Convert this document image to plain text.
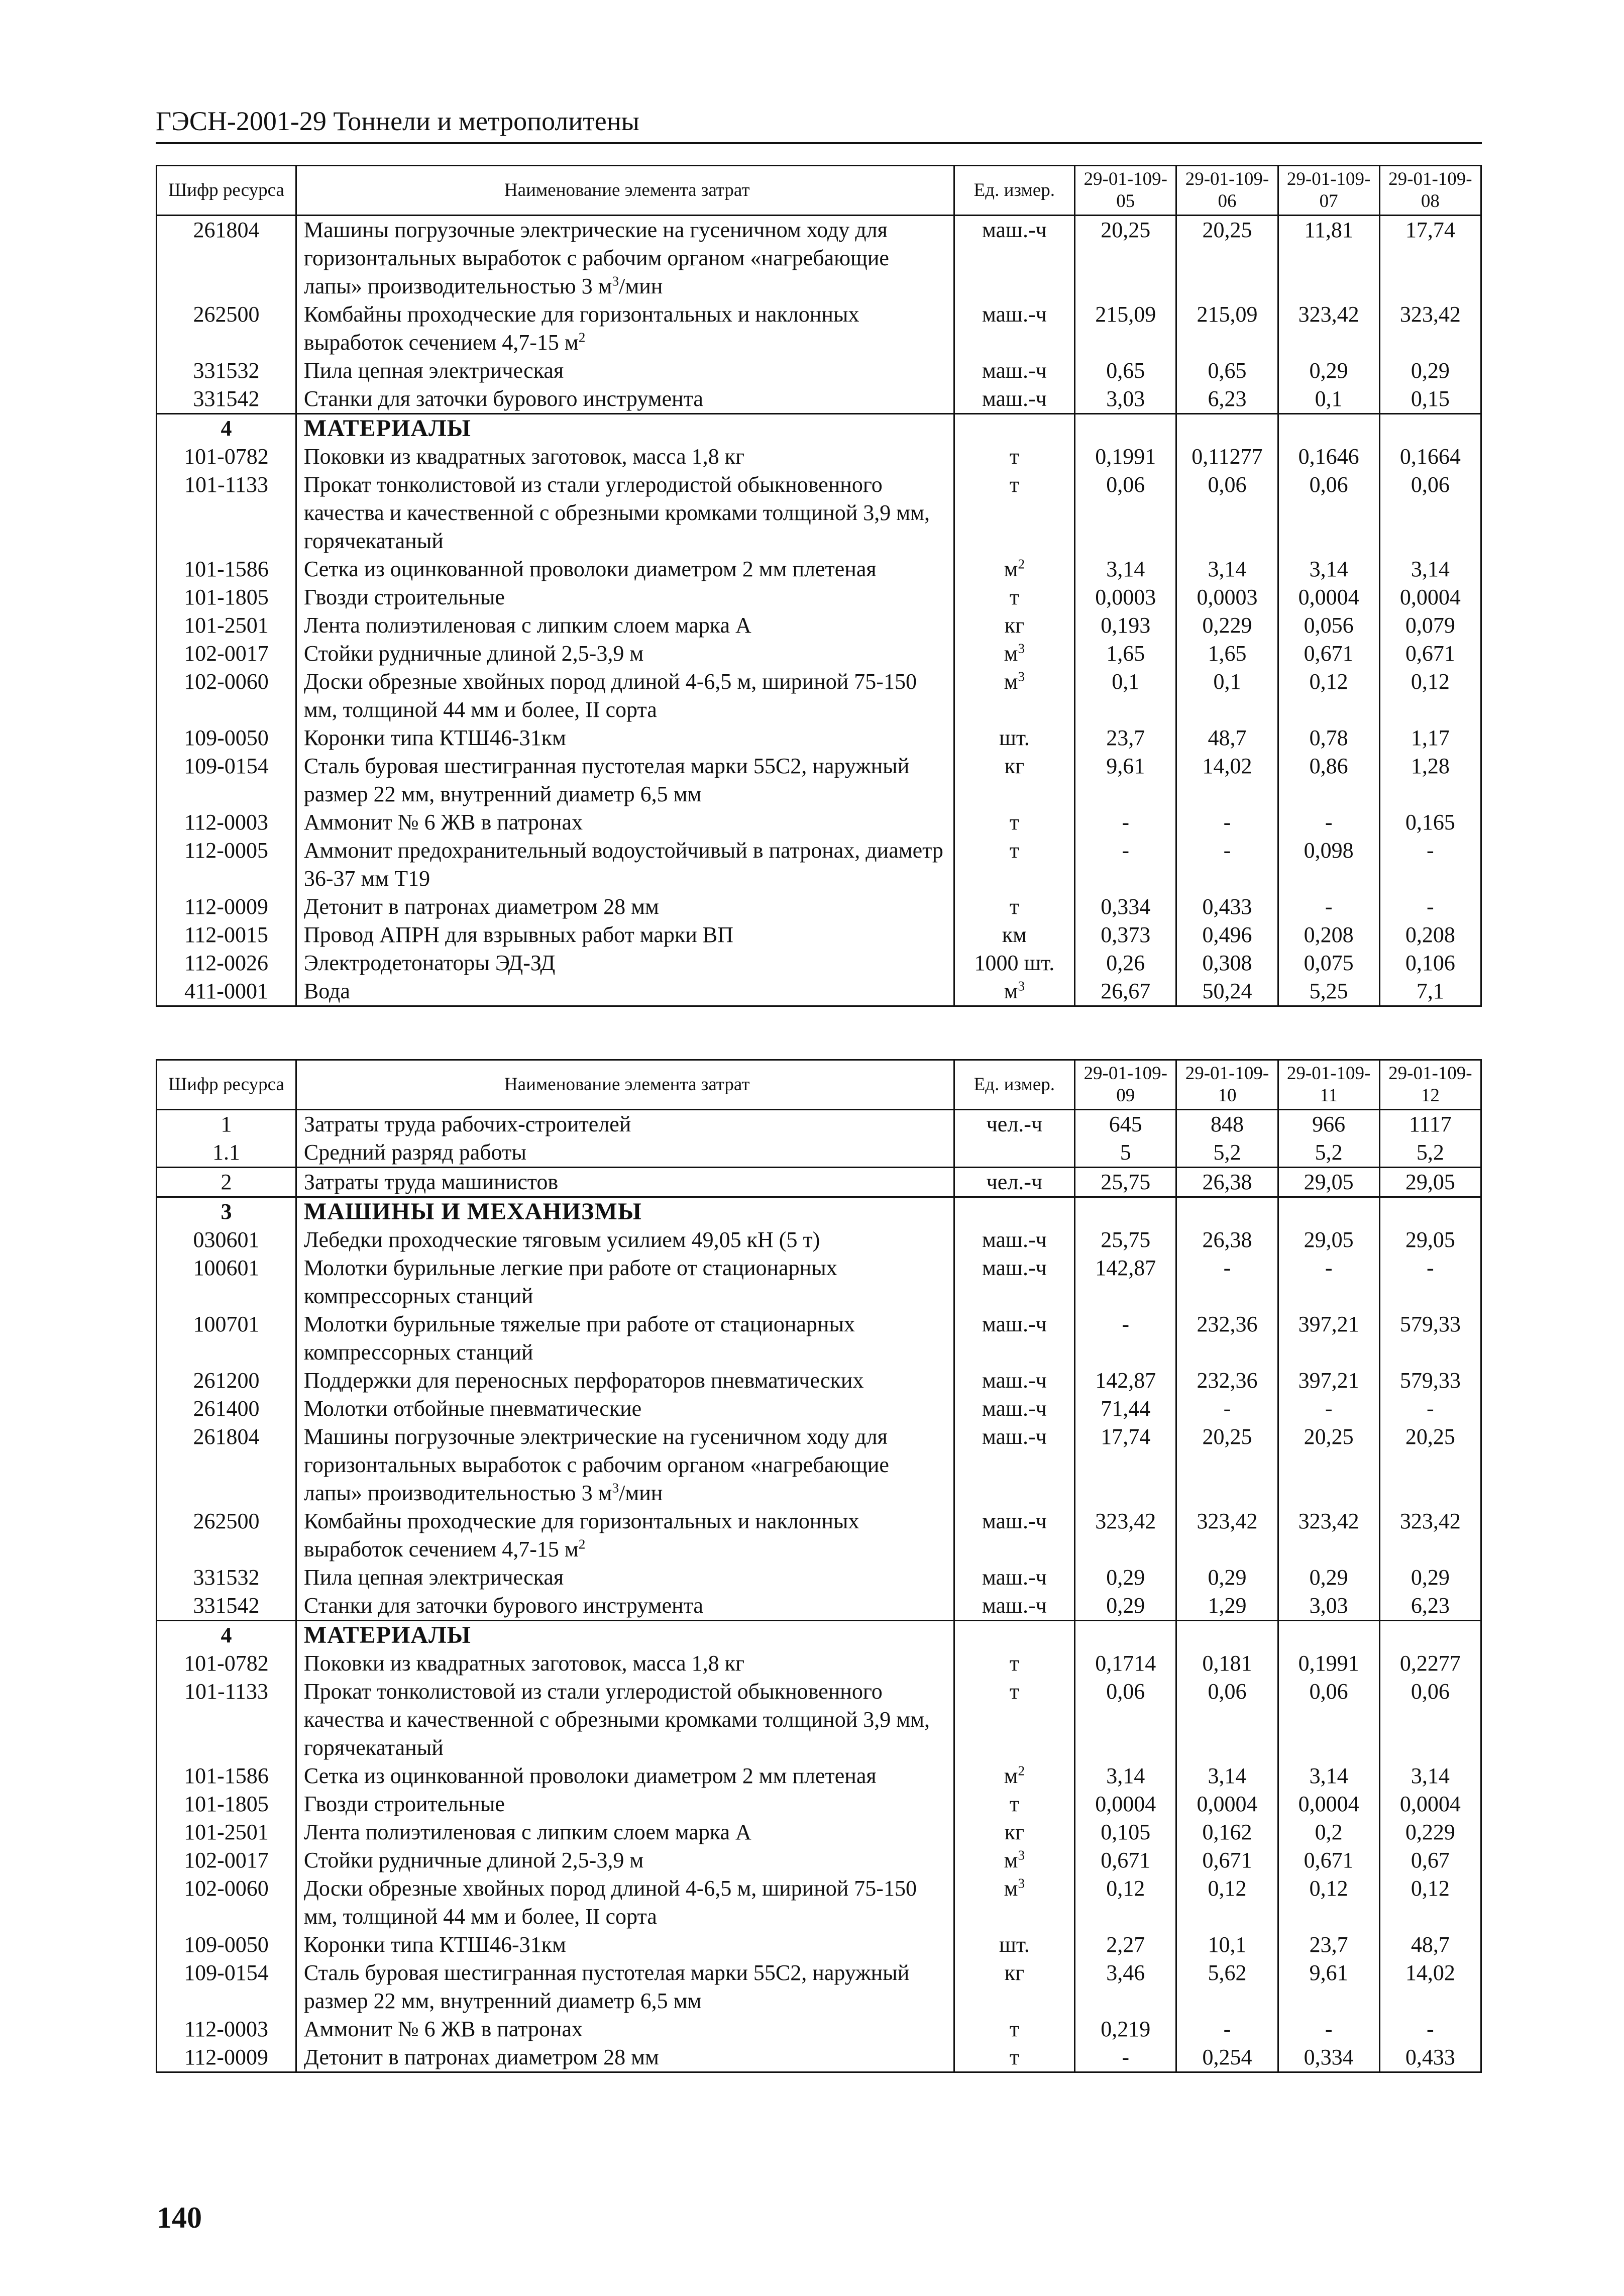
ГЭСН-2001-29 Тоннели и метрополитены
Шифр ресурса	Наименование элемента затрат	Ед. измер.	29-01-109-05	29-01-109-06	29-01-109-07	29-01-109-08
261804	Машины погрузочные электрические на гусеничном ходу для горизонтальных выработок с рабочим органом «нагребающие лапы» производительностью 3 $м^3$/мин	маш.-ч	20,25	20,25	11,81	17,74
262500	Комбайны проходческие для горизонтальных и наклонных выработок сечением 4,7-15 $м^2$	маш.-ч	215,09	215,09	323,42	323,42
331532	Пила цепная электрическая	маш.-ч	0,65	0,65	0,29	0,29
331542	Станки для заточки бурового инструмента	маш.-ч	3,03	6,23	0,1	0,15
4	МАТЕРИАЛЫ					
101-0782	Поковки из квадратных заготовок, масса 1,8 кг	т	0,1991	0,11277	0,1646	0,1664
101-1133	Прокат тонколистовой из стали углеродистой обыкновенного качества и качественной с обрезными кромками толщиной 3,9 мм, горячекатаный	т	0,06	0,06	0,06	0,06
101-1586	Сетка из оцинкованной проволоки диаметром 2 мм плетеная	$м^2$	3,14	3,14	3,14	3,14
101-1805	Гвозди строительные	т	0,0003	0,0003	0,0004	0,0004
101-2501	Лента полиэтиленовая с липким слоем марка А	кг	0,193	0,229	0,056	0,079
102-0017	Стойки рудничные длиной 2,5-3,9 м	$м^3$	1,65	1,65	0,671	0,671
102-0060	Доски обрезные хвойных пород длиной 4-6,5 м, шириной 75-150 мм, толщиной 44 мм и более, II сорта	$м^3$	0,1	0,1	0,12	0,12
109-0050	Коронки типа КТШ46-31км	шт.	23,7	48,7	0,78	1,17
109-0154	Сталь буровая шестигранная пустотелая марки 55С2, наружный размер 22 мм, внутренний диаметр 6,5 мм	кг	9,61	14,02	0,86	1,28
112-0003	Аммонит № 6 ЖВ в патронах	т	-	-	-	0,165
112-0005	Аммонит предохранительный водоустойчивый в патронах, диаметр 36-37 мм Т19	т	-	-	0,098	-
112-0009	Детонит в патронах диаметром 28 мм	т	0,334	0,433	-	-
112-0015	Провод АПРН для взрывных работ марки ВП	км	0,373	0,496	0,208	0,208
112-0026	Электродетонаторы ЭД-ЗД	1000 шт.	0,26	0,308	0,075	0,106
411-0001	Вода	$м^3$	26,67	50,24	5,25	7,1
Шифр ресурса	Наименование элемента затрат	Ед. измер.	29-01-109-09	29-01-109-10	29-01-109-11	29-01-109-12
1	Затраты труда рабочих-строителей	чел.-ч	645	848	966	1117
1.1	Средний разряд работы		5	5,2	5,2	5,2
2	Затраты труда машинистов	чел.-ч	25,75	26,38	29,05	29,05
3	МАШИНЫ И МЕХАНИЗМЫ					
030601	Лебедки проходческие тяговым усилием 49,05 кН (5 т)	маш.-ч	25,75	26,38	29,05	29,05
100601	Молотки бурильные легкие при работе от стационарных компрессорных станций	маш.-ч	142,87	-	-	-
100701	Молотки бурильные тяжелые при работе от стационарных компрессорных станций	маш.-ч	-	232,36	397,21	579,33
261200	Поддержки для переносных перфораторов пневматических	маш.-ч	142,87	232,36	397,21	579,33
261400	Молотки отбойные пневматические	маш.-ч	71,44	-	-	-
261804	Машины погрузочные электрические на гусеничном ходу для горизонтальных выработок с рабочим органом «нагребающие лапы» производительностью 3 $м^3$/мин	маш.-ч	17,74	20,25	20,25	20,25
262500	Комбайны проходческие для горизонтальных и наклонных выработок сечением 4,7-15 $м^2$	маш.-ч	323,42	323,42	323,42	323,42
331532	Пила цепная электрическая	маш.-ч	0,29	0,29	0,29	0,29
331542	Станки для заточки бурового инструмента	маш.-ч	0,29	1,29	3,03	6,23
4	МАТЕРИАЛЫ					
101-0782	Поковки из квадратных заготовок, масса 1,8 кг	т	0,1714	0,181	0,1991	0,2277
101-1133	Прокат тонколистовой из стали углеродистой обыкновенного качества и качественной с обрезными кромками толщиной 3,9 мм, горячекатаный	т	0,06	0,06	0,06	0,06
101-1586	Сетка из оцинкованной проволоки диаметром 2 мм плетеная	$м^2$	3,14	3,14	3,14	3,14
101-1805	Гвозди строительные	т	0,0004	0,0004	0,0004	0,0004
101-2501	Лента полиэтиленовая с липким слоем марка А	кг	0,105	0,162	0,2	0,229
102-0017	Стойки рудничные длиной 2,5-3,9 м	$м^3$	0,671	0,671	0,671	0,67
102-0060	Доски обрезные хвойных пород длиной 4-6,5 м, шириной 75-150 мм, толщиной 44 мм и более, II сорта	$м^3$	0,12	0,12	0,12	0,12
109-0050	Коронки типа КТШ46-31км	шт.	2,27	10,1	23,7	48,7
109-0154	Сталь буровая шестигранная пустотелая марки 55С2, наружный размер 22 мм, внутренний диаметр 6,5 мм	кг	3,46	5,62	9,61	14,02
112-0003	Аммонит № 6 ЖВ в патронах	т	0,219	-	-	-
112-0009	Детонит в патронах диаметром 28 мм	т	-	0,254	0,334	0,433
140
